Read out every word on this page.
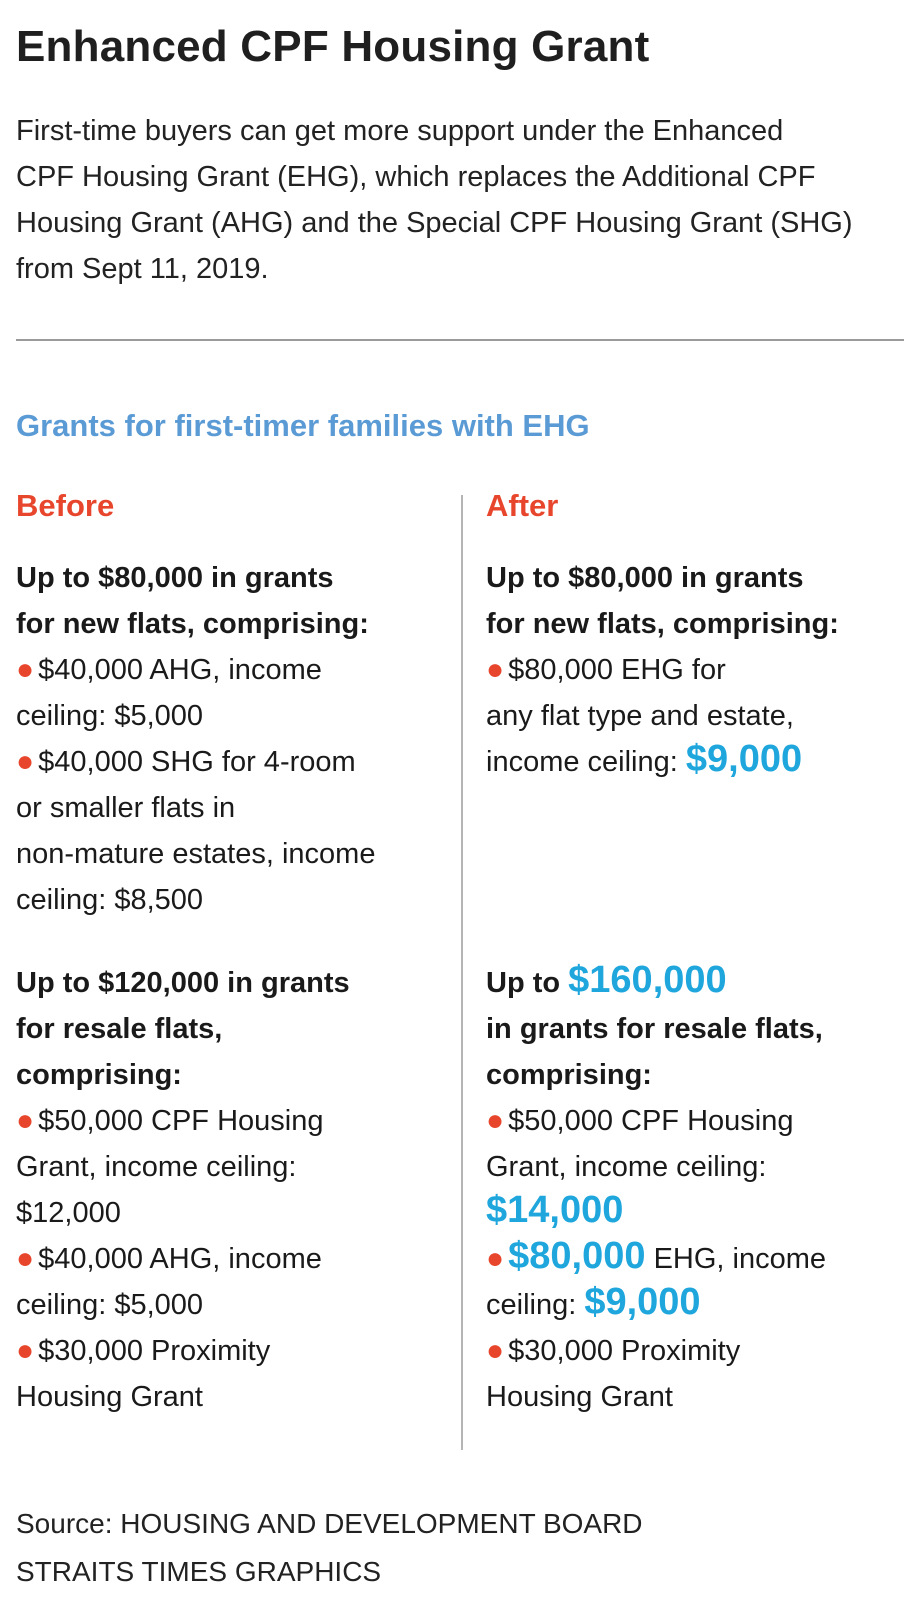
Enhanced CPF Housing Grant

First-time buyers can get more support under the Enhanced
CPF Housing Grant (EHG), which replaces the Additional CPF
Housing Grant (AHG) and the Special CPF Housing Grant (SHG)
from Sept 11, 2019.

Grants for first-timer families with EHG
Before	After
Up to $80,000 in grants
for new flats, comprising:
● $40,000 AHG, income
ceiling: $5,000
● $40,000 SHG for 4-room
or smaller flats in
non-mature estates, income
ceiling: $8,500
Up to $120,000 in grants
for resale flats,
comprising:
● $50,000 CPF Housing
Grant, income ceiling:
$12,000
● $40,000 AHG, income
ceiling: $5,000
● $30,000 Proximity
Housing Grant
Up to $80,000 in grants
for new flats, comprising:
● $80,000 EHG for
any flat type and estate,
income ceiling: $9,000
Up to $160,000
in grants for resale flats,
comprising:
● $50,000 CPF Housing
Grant, income ceiling:
$14,000
● $80,000 EHG, income
ceiling: $9,000
● $30,000 Proximity
Housing Grant

Source: HOUSING AND DEVELOPMENT BOARD
STRAITS TIMES GRAPHICS
